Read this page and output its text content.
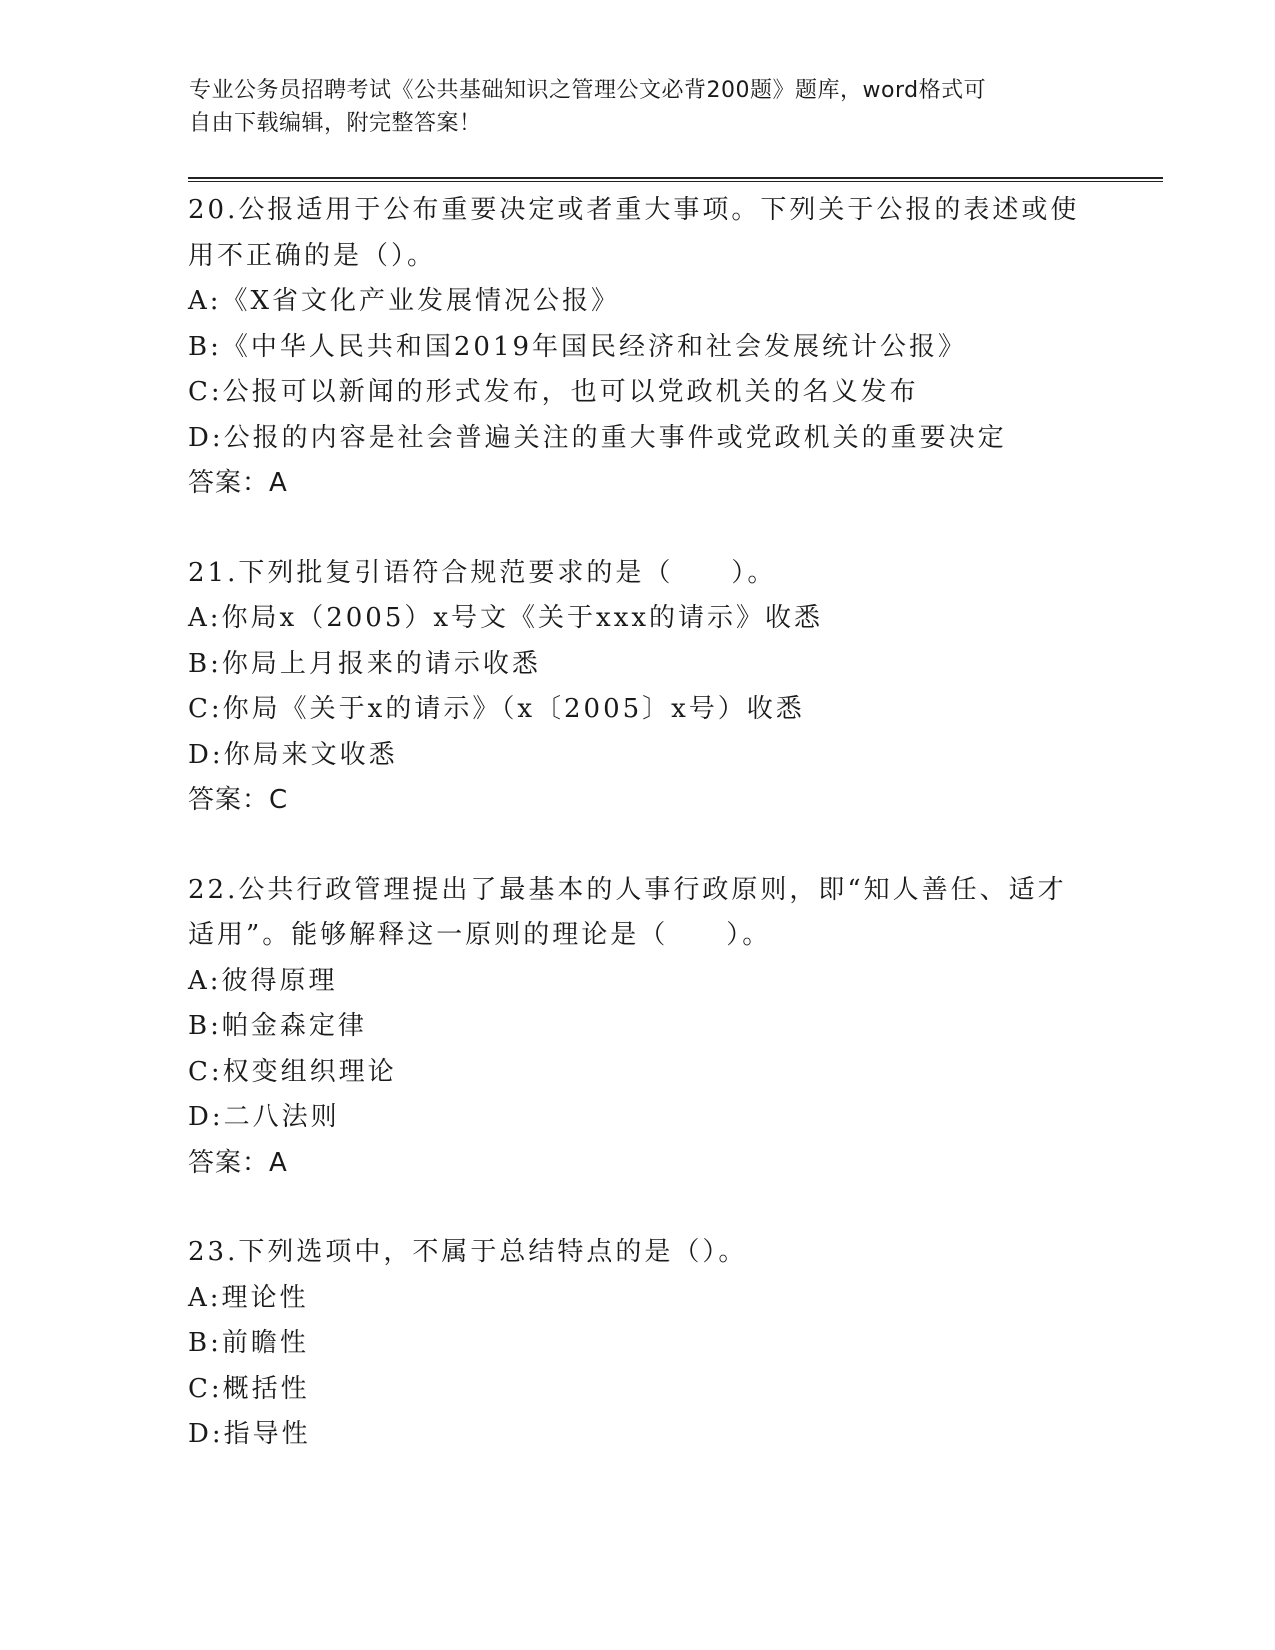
专业公务员招聘考试《公共基础知识之管理公文必背200题》题库，word格式可
自由下载编辑，附完整答案！
20.公报适用于公布重要决定或者重大事项。下列关于公报的表述或使
用不正确的是（）。
A:《X省文化产业发展情况公报》
B:《中华人民共和国2019年国民经济和社会发展统计公报》
C:公报可以新闻的形式发布，也可以党政机关的名义发布
D:公报的内容是社会普遍关注的重大事件或党政机关的重要决定
答案：A
21.下列批复引语符合规范要求的是（　　）。
A:你局x（2005）x号文《关于xxx的请示》收悉
B:你局上月报来的请示收悉
C:你局《关于x的请示》（x〔2005〕x号）收悉
D:你局来文收悉
答案：C
22.公共行政管理提出了最基本的人事行政原则，即“知人善任、适才
适用”。能够解释这一原则的理论是（　　）。
A:彼得原理
B:帕金森定律
C:权变组织理论
D:二八法则
答案：A
23.下列选项中，不属于总结特点的是（）。
A:理论性
B:前瞻性
C:概括性
D:指导性
